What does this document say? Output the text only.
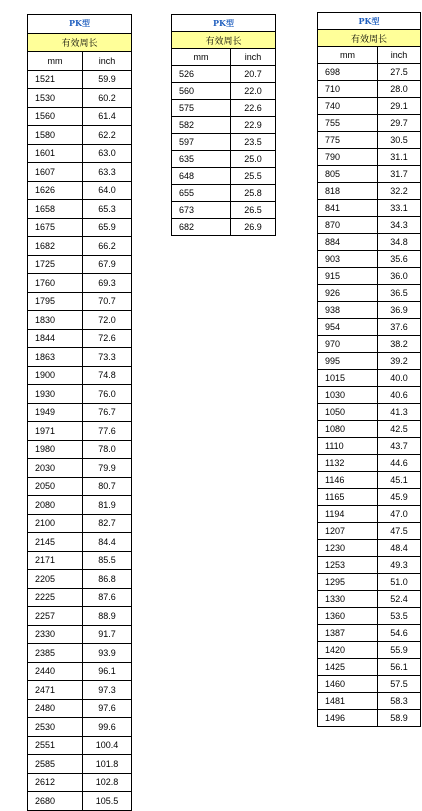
PK型	
有效周长	
mm	inch
1521	59.9
1530	60.2
1560	61.4
1580	62.2
1601	63.0
1607	63.3
1626	64.0
1658	65.3
1675	65.9
1682	66.2
1725	67.9
1760	69.3
1795	70.7
1830	72.0
1844	72.6
1863	73.3
1900	74.8
1930	76.0
1949	76.7
1971	77.6
1980	78.0
2030	79.9
2050	80.7
2080	81.9
2100	82.7
2145	84.4
2171	85.5
2205	86.8
2225	87.6
2257	88.9
2330	91.7
2385	93.9
2440	96.1
2471	97.3
2480	97.6
2530	99.6
2551	100.4
2585	101.8
2612	102.8
2680	105.5
PK型	
有效周长	
mm	inch
526	20.7
560	22.0
575	22.6
582	22.9
597	23.5
635	25.0
648	25.5
655	25.8
673	26.5
682	26.9
PK型	
有效周长	
mm	inch
698	27.5
710	28.0
740	29.1
755	29.7
775	30.5
790	31.1
805	31.7
818	32.2
841	33.1
870	34.3
884	34.8
903	35.6
915	36.0
926	36.5
938	36.9
954	37.6
970	38.2
995	39.2
1015	40.0
1030	40.6
1050	41.3
1080	42.5
1110	43.7
1132	44.6
1146	45.1
1165	45.9
1194	47.0
1207	47.5
1230	48.4
1253	49.3
1295	51.0
1330	52.4
1360	53.5
1387	54.6
1420	55.9
1425	56.1
1460	57.5
1481	58.3
1496	58.9
